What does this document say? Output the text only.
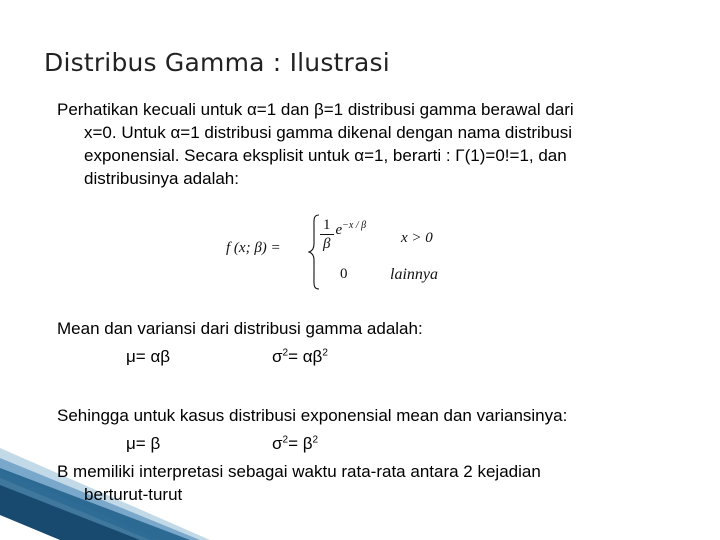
Distribus Gamma : Ilustrasi
Perhatikan kecuali untuk α=1 dan β=1 distribusi gamma berawal dari
x=0. Untuk α=1 distribusi gamma dikenal dengan nama distribusi
exponensial. Secara eksplisit untuk α=1, berarti : Γ(1)=0!=1, dan
distribusinya adalah:
f (x; β) =	$\frac{1}{\beta} e^{-x / \beta}$
x > 0
0	lainnya
Mean dan variansi dari distribusi gamma adalah:
μ= αβ	$\sigma^2= \alpha\beta^2$
Sehingga untuk kasus distribusi exponensial mean dan variansinya:
μ= β	$\sigma^2= \beta^2$
B memiliki interpretasi sebagai waktu rata-rata antara 2 kejadian
berturut-turut
